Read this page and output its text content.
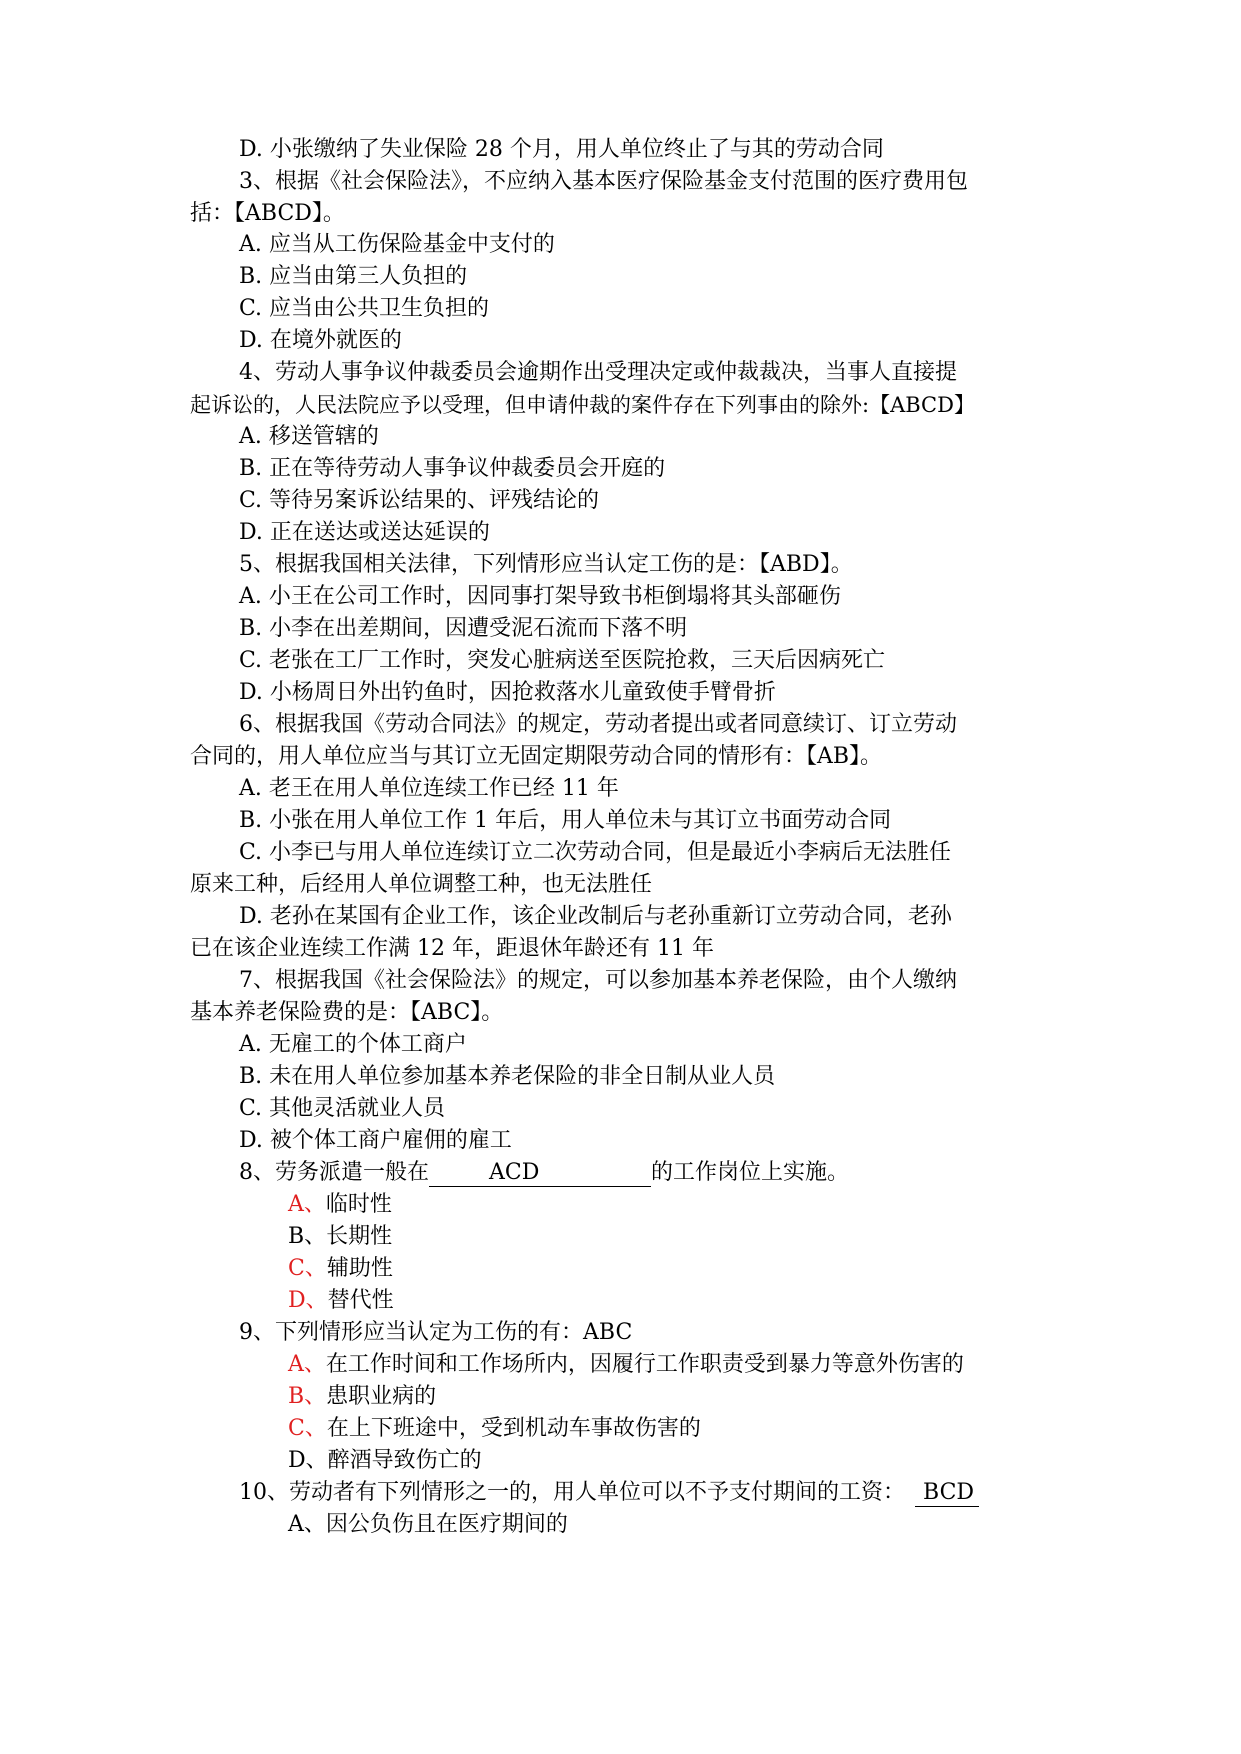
D. 小张缴纳了失业保险 28 个月，用人单位终止了与其的劳动合同
3、根据《社会保险法》，不应纳入基本医疗保险基金支付范围的医疗费用包
括：【ABCD】。
A. 应当从工伤保险基金中支付的
B. 应当由第三人负担的
C. 应当由公共卫生负担的
D. 在境外就医的
4、劳动人事争议仲裁委员会逾期作出受理决定或仲裁裁决，当事人直接提
起诉讼的，人民法院应予以受理，但申请仲裁的案件存在下列事由的除外:【ABCD】
A. 移送管辖的
B. 正在等待劳动人事争议仲裁委员会开庭的
C. 等待另案诉讼结果的、评残结论的
D. 正在送达或送达延误的
5、根据我国相关法律，下列情形应当认定工伤的是：【ABD】。
A. 小王在公司工作时，因同事打架导致书柜倒塌将其头部砸伤
B. 小李在出差期间，因遭受泥石流而下落不明
C. 老张在工厂工作时，突发心脏病送至医院抢救，三天后因病死亡
D. 小杨周日外出钓鱼时，因抢救落水儿童致使手臂骨折
6、根据我国《劳动合同法》的规定，劳动者提出或者同意续订、订立劳动
合同的，用人单位应当与其订立无固定期限劳动合同的情形有：【AB】。
A. 老王在用人单位连续工作已经 11 年
B. 小张在用人单位工作 1 年后，用人单位未与其订立书面劳动合同
C. 小李已与用人单位连续订立二次劳动合同，但是最近小李病后无法胜任
原来工种，后经用人单位调整工种，也无法胜任
D. 老孙在某国有企业工作，该企业改制后与老孙重新订立劳动合同，老孙
已在该企业连续工作满 12 年，距退休年龄还有 11 年
7、根据我国《社会保险法》的规定，可以参加基本养老保险，由个人缴纳
基本养老保险费的是：【ABC】。
A. 无雇工的个体工商户
B. 未在用人单位参加基本养老保险的非全日制从业人员
C. 其他灵活就业人员
D. 被个体工商户雇佣的雇工
8、劳务派遣一般在	ACD	的工作岗位上实施。
A、临时性
B、长期性
C、辅助性
D、替代性
9、下列情形应当认定为工伤的有：ABC
A、在工作时间和工作场所内，因履行工作职责受到暴力等意外伤害的
B、患职业病的
C、在上下班途中，受到机动车事故伤害的
D、醉酒导致伤亡的
10、劳动者有下列情形之一的，用人单位可以不予支付期间的工资： BCD
A、因公负伤且在医疗期间的
